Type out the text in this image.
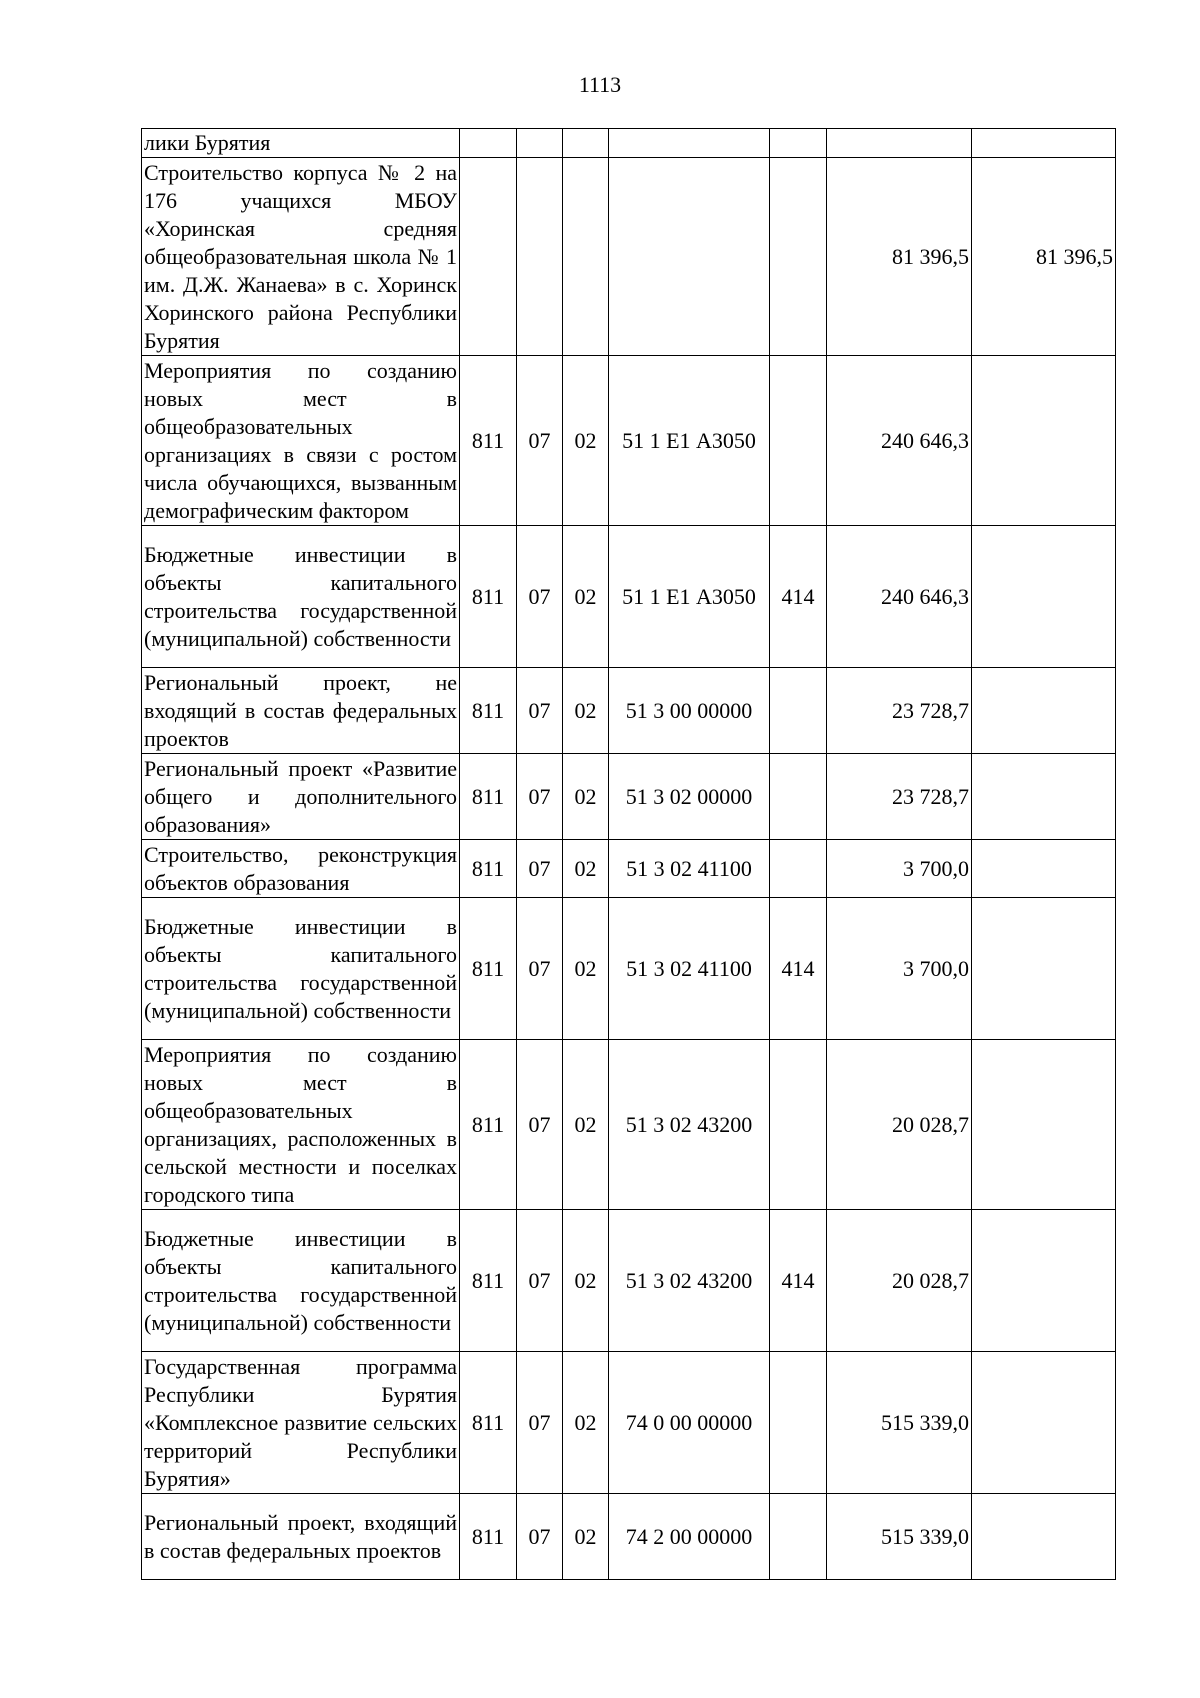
1113
лики Бурятия							
Строительство корпуса № 2 на 176 учащихся МБОУ «Хоринская средняя общеобразовательная школа № 1 им. Д.Ж. Жанаева» в с. Хоринск Хоринского района Республики Бурятия						81 396,5	81 396,5
Мероприятия по созданию новых мест в общеобразовательных организациях в связи с ростом числа обучающихся, вызванным демографическим фактором	811	07	02	51 1 E1 А3050		240 646,3	
Бюджетные инвестиции в объекты капитального строительства государственной (муниципальной) собственности	811	07	02	51 1 E1 А3050	414	240 646,3	
Региональный проект, не входящий в состав федеральных проектов	811	07	02	51 3 00 00000		23 728,7	
Региональный проект «Развитие общего и дополнительного образования»	811	07	02	51 3 02 00000		23 728,7	
Строительство, реконструкция объектов образования	811	07	02	51 3 02 41100		3 700,0	
Бюджетные инвестиции в объекты капитального строительства государственной (муниципальной) собственности	811	07	02	51 3 02 41100	414	3 700,0	
Мероприятия по созданию новых мест в общеобразовательных организациях, расположенных в сельской местности и поселках городского типа	811	07	02	51 3 02 43200		20 028,7	
Бюджетные инвестиции в объекты капитального строительства государственной (муниципальной) собственности	811	07	02	51 3 02 43200	414	20 028,7	
Государственная программа Республики Бурятия «Комплексное развитие сельских территорий Республики Бурятия»	811	07	02	74 0 00 00000		515 339,0	
Региональный проект, входящий в состав федеральных проектов	811	07	02	74 2 00 00000		515 339,0	
